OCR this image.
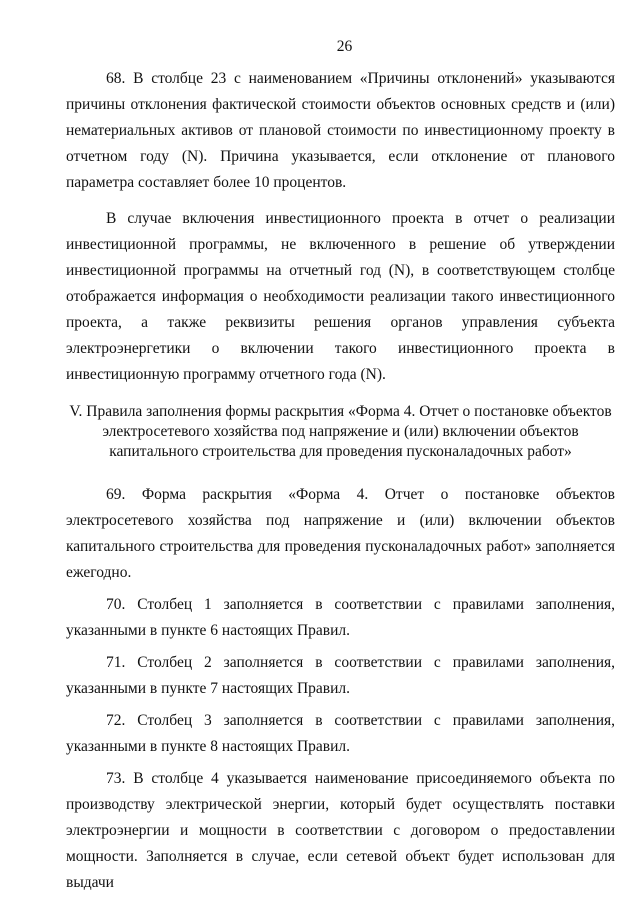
26

68. В столбце 23 с наименованием «Причины отклонений» указываются причины отклонения фактической стоимости объектов основных средств и (или) нематериальных активов от плановой стоимости по инвестиционному проекту в отчетном году (N). Причина указывается, если отклонение от планового параметра составляет более 10 процентов.

В случае включения инвестиционного проекта в отчет о реализации инвестиционной программы, не включенного в решение об утверждении инвестиционной программы на отчетный год (N), в соответствующем столбце отображается информация о необходимости реализации такого инвестиционного проекта, а также реквизиты решения органов управления субъекта электроэнергетики о включении такого инвестиционного проекта в инвестиционную программу отчетного года (N).

V. Правила заполнения формы раскрытия «Форма 4. Отчет о постановке объектов электросетевого хозяйства под напряжение и (или) включении объектов капитального строительства для проведения пусконаладочных работ»

69. Форма раскрытия «Форма 4. Отчет о постановке объектов электросетевого хозяйства под напряжение и (или) включении объектов капитального строительства для проведения пусконаладочных работ» заполняется ежегодно.

70. Столбец 1 заполняется в соответствии с правилами заполнения, указанными в пункте 6 настоящих Правил.

71. Столбец 2 заполняется в соответствии с правилами заполнения, указанными в пункте 7 настоящих Правил.

72. Столбец 3 заполняется в соответствии с правилами заполнения, указанными в пункте 8 настоящих Правил.

73. В столбце 4 указывается наименование присоединяемого объекта по производству электрической энергии, который будет осуществлять поставки электроэнергии и мощности в соответствии с договором о предоставлении мощности. Заполняется в случае, если сетевой объект будет использован для выдачи
